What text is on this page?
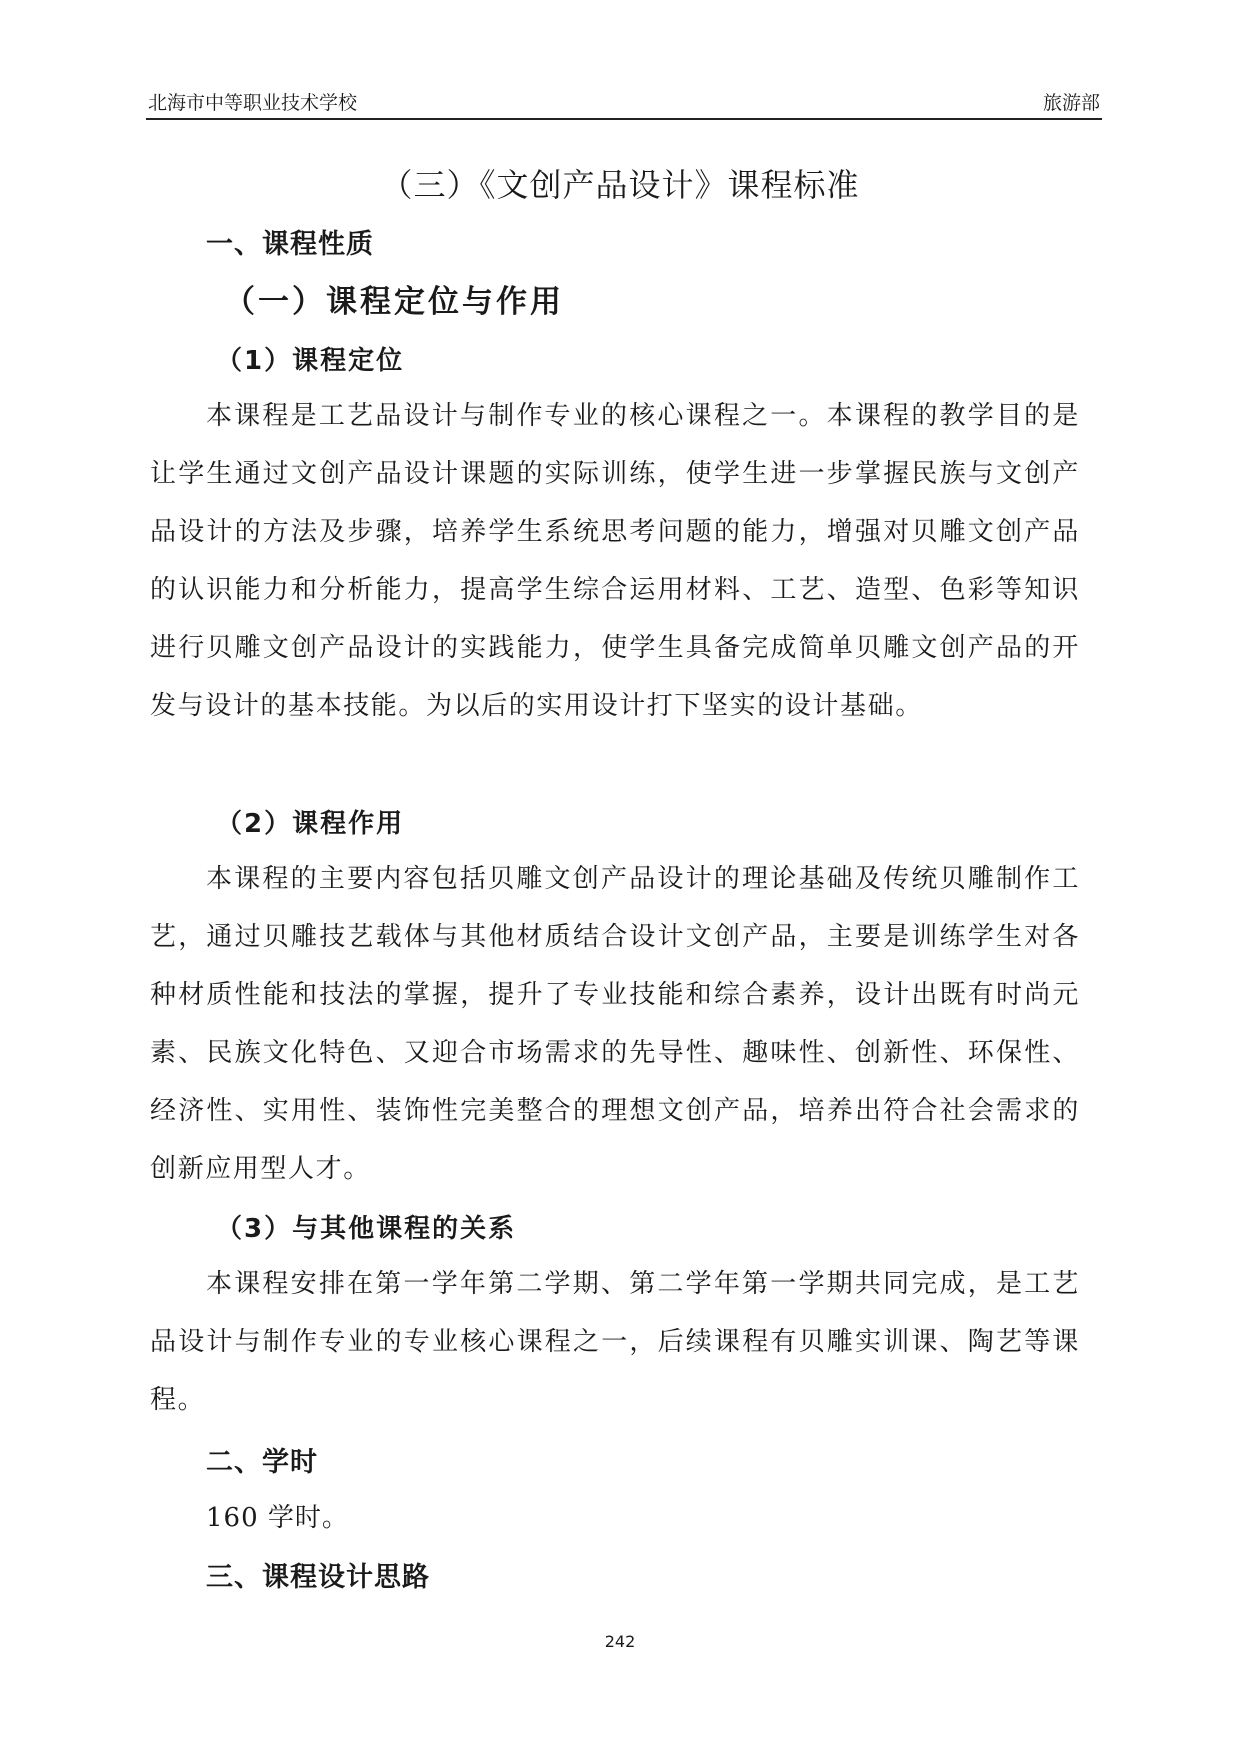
北海市中等职业技术学校	旅游部
（三）《文创产品设计》课程标准
一、课程性质
（一）课程定位与作用
（1）课程定位

本课程是工艺品设计与制作专业的核心课程之一。本课程的教学目的是让学生通过文创产品设计课题的实际训练，使学生进一步掌握民族与文创产品设计的方法及步骤，培养学生系统思考问题的能力，增强对贝雕文创产品的认识能力和分析能力，提高学生综合运用材料、工艺、造型、色彩等知识进行贝雕文创产品设计的实践能力，使学生具备完成简单贝雕文创产品的开发与设计的基本技能。为以后的实用设计打下坚实的设计基础。

（2）课程作用

本课程的主要内容包括贝雕文创产品设计的理论基础及传统贝雕制作工艺，通过贝雕技艺载体与其他材质结合设计文创产品，主要是训练学生对各种材质性能和技法的掌握，提升了专业技能和综合素养，设计出既有时尚元素、民族文化特色、又迎合市场需求的先导性、趣味性、创新性、环保性、经济性、实用性、装饰性完美整合的理想文创产品，培养出符合社会需求的创新应用型人才。

（3）与其他课程的关系

本课程安排在第一学年第二学期、第二学年第一学期共同完成，是工艺品设计与制作专业的专业核心课程之一，后续课程有贝雕实训课、陶艺等课程。

二、学时
160 学时。
三、课程设计思路
242
